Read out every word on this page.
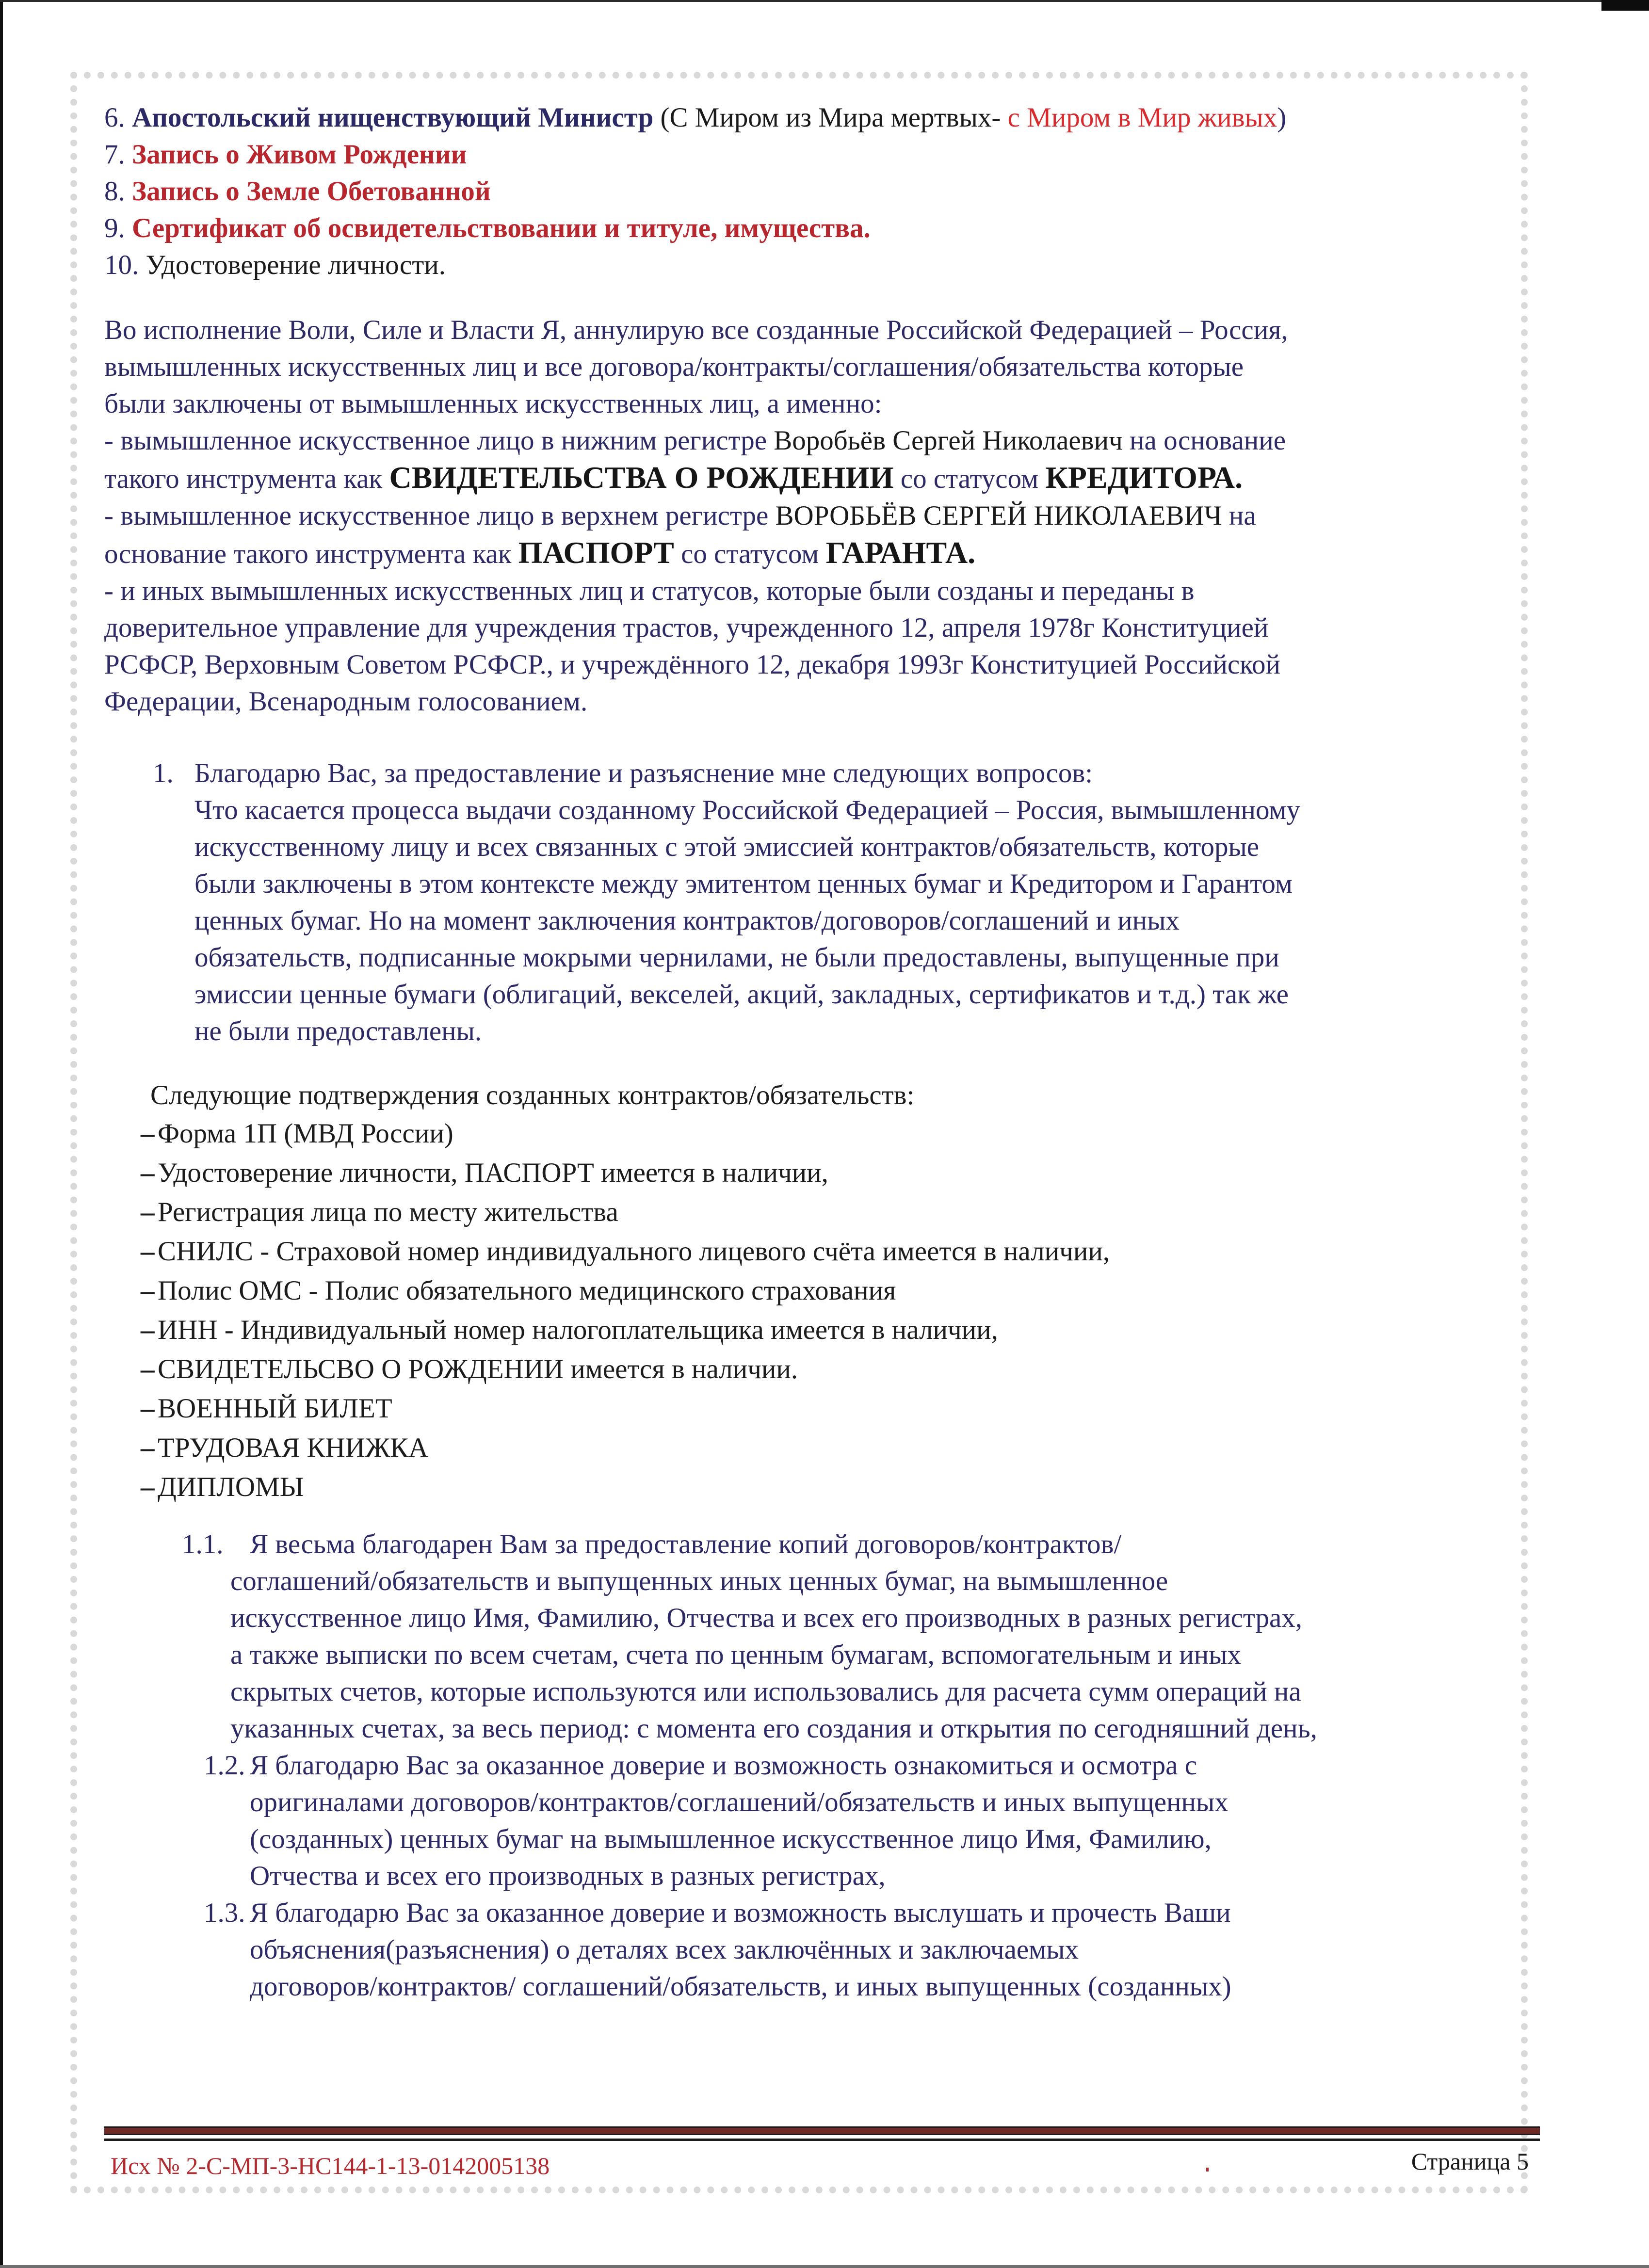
6. Апостольский нищенствующий Министр (С Миром из Мира мертвых- с Миром в Мир живых)
7. Запись о Живом Рождении
8. Запись о Земле Обетованной
9. Сертификат об освидетельствовании и титуле, имущества.
10. Удостоверение личности.
Во исполнение Воли, Силе и Власти Я, аннулирую все созданные Российской Федерацией – Россия,
вымышленных искусственных лиц и все договора/контракты/соглашения/обязательства которые
были заключены от вымышленных искусственных лиц, а именно:
- вымышленное искусственное лицо в нижним регистре Воробьёв Сергей Николаевич на основание
такого инструмента как СВИДЕТЕЛЬСТВА О РОЖДЕНИИ со статусом КРЕДИТОРА.
- вымышленное искусственное лицо в верхнем регистре ВОРОБЬЁВ СЕРГЕЙ НИКОЛАЕВИЧ на
основание такого инструмента как ПАСПОРТ со статусом ГАРАНТА.
- и иных вымышленных искусственных лиц и статусов, которые были созданы и переданы в
доверительное управление для учреждения трастов, учрежденного 12, апреля 1978г Конституцией
РСФСР, Верховным Советом РСФСР., и учреждённого 12, декабря 1993г Конституцией Российской
Федерации, Всенародным голосованием.
1. Благодарю Вас, за предоставление и разъяснение мне следующих вопросов:
Что касается процесса выдачи созданному Российской Федерацией – Россия, вымышленному
искусственному лицу и всех связанных с этой эмиссией контрактов/обязательств, которые
были заключены в этом контексте между эмитентом ценных бумаг и Кредитором и Гарантом
ценных бумаг. Но на момент заключения контрактов/договоров/соглашений и иных
обязательств, подписанные мокрыми чернилами, не были предоставлены, выпущенные при
эмиссии ценные бумаги (облигаций, векселей, акций, закладных, сертификатов и т.д.) так же
не были предоставлены.
Следующие подтверждения созданных контрактов/обязательств:
– Форма 1П (МВД России)
– Удостоверение личности, ПАСПОРТ имеется в наличии,
– Регистрация лица по месту жительства
– СНИЛС - Страховой номер индивидуального лицевого счёта имеется в наличии,
– Полис ОМС - Полис обязательного медицинского страхования
– ИНН - Индивидуальный номер налогоплательщика имеется в наличии,
– СВИДЕТЕЛЬСВО О РОЖДЕНИИ имеется в наличии.
– ВОЕННЫЙ БИЛЕТ
– ТРУДОВАЯ КНИЖКА
– ДИПЛОМЫ
1.1. Я весьма благодарен Вам за предоставление копий договоров/контрактов/
соглашений/обязательств и выпущенных иных ценных бумаг, на вымышленное
искусственное лицо Имя, Фамилию, Отчества и всех его производных в разных регистрах,
а также выписки по всем счетам, счета по ценным бумагам, вспомогательным и иных
скрытых счетов, которые используются или использовались для расчета сумм операций на
указанных счетах, за весь период: с момента его создания и открытия по сегодняшний день,
1.2. Я благодарю Вас за оказанное доверие и возможность ознакомиться и осмотра с
оригиналами договоров/контрактов/соглашений/обязательств и иных выпущенных
(созданных) ценных бумаг на вымышленное искусственное лицо Имя, Фамилию,
Отчества и всех его производных в разных регистрах,
1.3. Я благодарю Вас за оказанное доверие и возможность выслушать и прочесть Ваши
объяснения(разъяснения) о деталях всех заключённых и заключаемых
договоров/контрактов/ соглашений/обязательств, и иных выпущенных (созданных)
Исх № 2-С-МП-3-НС144-1-13-0142005138	Страница 5
